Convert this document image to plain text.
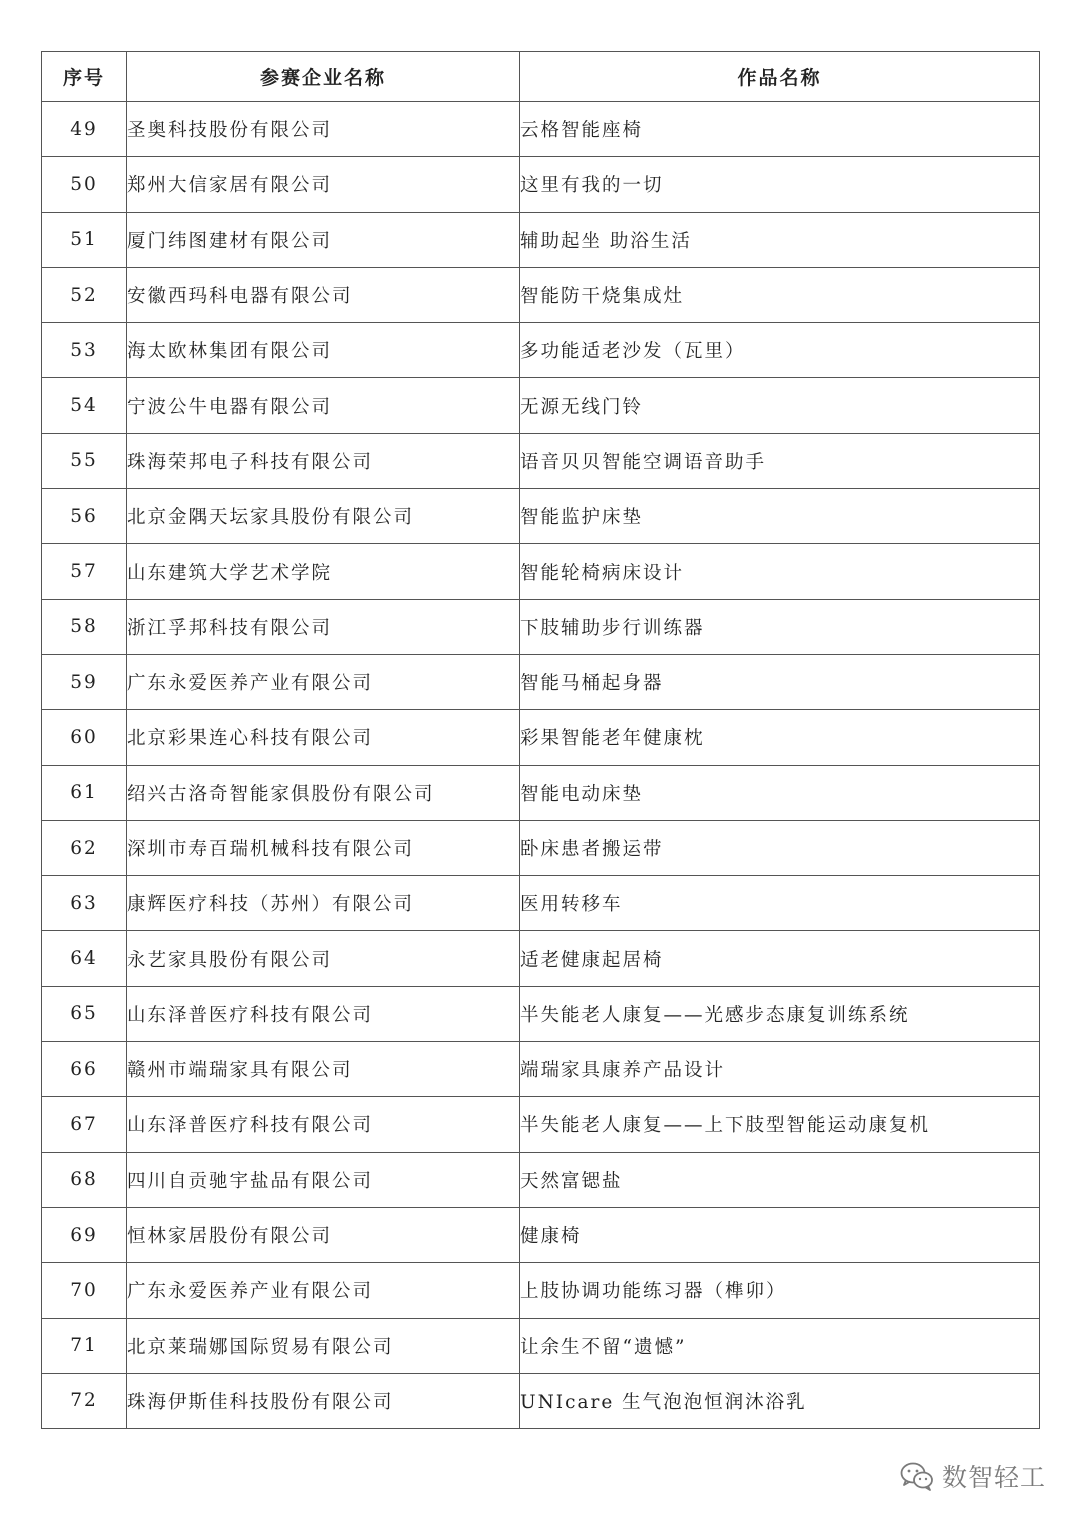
序号	参赛企业名称	作品名称
49	圣奥科技股份有限公司	云格智能座椅
50	郑州大信家居有限公司	这里有我的一切
51	厦门纬图建材有限公司	辅助起坐 助浴生活
52	安徽西玛科电器有限公司	智能防干烧集成灶
53	海太欧林集团有限公司	多功能适老沙发（瓦里）
54	宁波公牛电器有限公司	无源无线门铃
55	珠海荣邦电子科技有限公司	语音贝贝智能空调语音助手
56	北京金隅天坛家具股份有限公司	智能监护床垫
57	山东建筑大学艺术学院	智能轮椅病床设计
58	浙江孚邦科技有限公司	下肢辅助步行训练器
59	广东永爱医养产业有限公司	智能马桶起身器
60	北京彩果连心科技有限公司	彩果智能老年健康枕
61	绍兴古洛奇智能家俱股份有限公司	智能电动床垫
62	深圳市寿百瑞机械科技有限公司	卧床患者搬运带
63	康辉医疗科技（苏州）有限公司	医用转移车
64	永艺家具股份有限公司	适老健康起居椅
65	山东泽普医疗科技有限公司	半失能老人康复——光感步态康复训练系统
66	赣州市端瑞家具有限公司	端瑞家具康养产品设计
67	山东泽普医疗科技有限公司	半失能老人康复——上下肢型智能运动康复机
68	四川自贡驰宇盐品有限公司	天然富锶盐
69	恒林家居股份有限公司	健康椅
70	广东永爱医养产业有限公司	上肢协调功能练习器（榫卯）
71	北京莱瑞娜国际贸易有限公司	让余生不留“遗憾”
72	珠海伊斯佳科技股份有限公司	UNIcare 生气泡泡恒润沐浴乳
数智轻工
